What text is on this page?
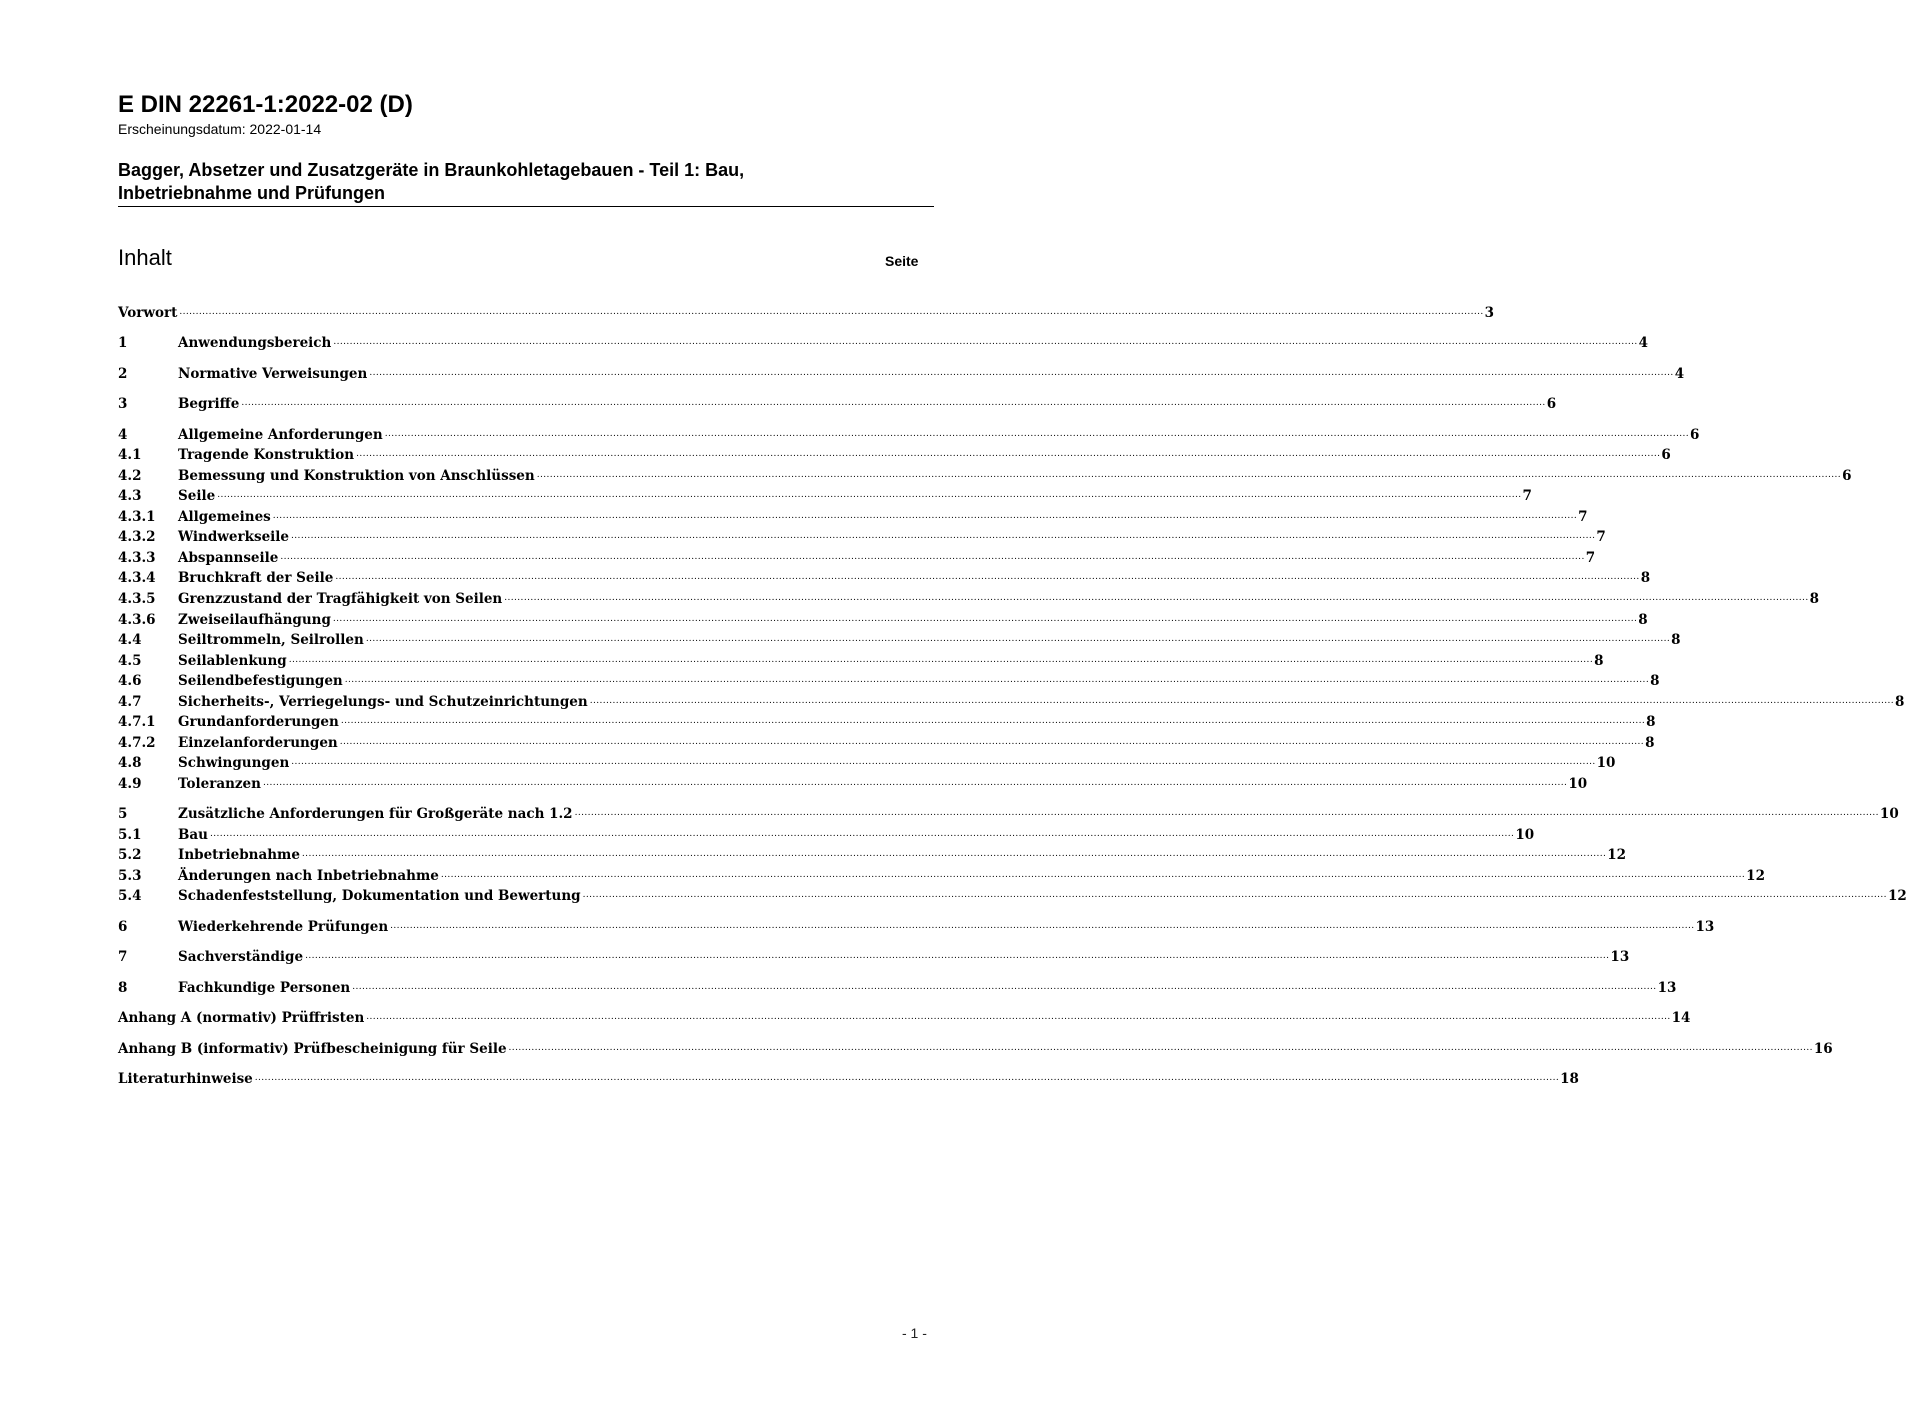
E DIN 22261-1:2022-02 (D)
Erscheinungsdatum: 2022-01-14
Bagger, Absetzer und Zusatzgeräte in Braunkohletagebauen - Teil 1: Bau,
Inbetriebnahme und Prüfungen
Inhalt	Seite
Vorwort ................................................................................................................................................................................................................................................................................................................................................................................................................ 3
1	Anwendungsbereich ................................................................................................................................................................................................................................................................................................................................................................................................................ 4
2	Normative Verweisungen ................................................................................................................................................................................................................................................................................................................................................................................................................ 4
3	Begriffe ................................................................................................................................................................................................................................................................................................................................................................................................................ 6
4	Allgemeine Anforderungen ................................................................................................................................................................................................................................................................................................................................................................................................................ 6
4.1	Tragende Konstruktion ................................................................................................................................................................................................................................................................................................................................................................................................................ 6
4.2	Bemessung und Konstruktion von Anschlüssen ................................................................................................................................................................................................................................................................................................................................................................................................................ 6
4.3	Seile ................................................................................................................................................................................................................................................................................................................................................................................................................ 7
4.3.1	Allgemeines ................................................................................................................................................................................................................................................................................................................................................................................................................ 7
4.3.2	Windwerkseile ................................................................................................................................................................................................................................................................................................................................................................................................................ 7
4.3.3	Abspannseile ................................................................................................................................................................................................................................................................................................................................................................................................................ 7
4.3.4	Bruchkraft der Seile ................................................................................................................................................................................................................................................................................................................................................................................................................ 8
4.3.5	Grenzzustand der Tragfähigkeit von Seilen ................................................................................................................................................................................................................................................................................................................................................................................................................ 8
4.3.6	Zweiseilaufhängung ................................................................................................................................................................................................................................................................................................................................................................................................................ 8
4.4	Seiltrommeln, Seilrollen ................................................................................................................................................................................................................................................................................................................................................................................................................ 8
4.5	Seilablenkung ................................................................................................................................................................................................................................................................................................................................................................................................................ 8
4.6	Seilendbefestigungen ................................................................................................................................................................................................................................................................................................................................................................................................................ 8
4.7	Sicherheits-, Verriegelungs- und Schutzeinrichtungen ................................................................................................................................................................................................................................................................................................................................................................................................................ 8
4.7.1	Grundanforderungen ................................................................................................................................................................................................................................................................................................................................................................................................................ 8
4.7.2	Einzelanforderungen ................................................................................................................................................................................................................................................................................................................................................................................................................ 8
4.8	Schwingungen ................................................................................................................................................................................................................................................................................................................................................................................................................ 10
4.9	Toleranzen ................................................................................................................................................................................................................................................................................................................................................................................................................ 10
5	Zusätzliche Anforderungen für Großgeräte nach 1.2 ................................................................................................................................................................................................................................................................................................................................................................................................................ 10
5.1	Bau ................................................................................................................................................................................................................................................................................................................................................................................................................ 10
5.2	Inbetriebnahme ................................................................................................................................................................................................................................................................................................................................................................................................................ 12
5.3	Änderungen nach Inbetriebnahme ................................................................................................................................................................................................................................................................................................................................................................................................................ 12
5.4	Schadenfeststellung, Dokumentation und Bewertung ................................................................................................................................................................................................................................................................................................................................................................................................................ 12
6	Wiederkehrende Prüfungen ................................................................................................................................................................................................................................................................................................................................................................................................................ 13
7	Sachverständige ................................................................................................................................................................................................................................................................................................................................................................................................................ 13
8	Fachkundige Personen ................................................................................................................................................................................................................................................................................................................................................................................................................ 13
Anhang A (normativ) Prüffristen ................................................................................................................................................................................................................................................................................................................................................................................................................ 14
Anhang B (informativ) Prüfbescheinigung für Seile ................................................................................................................................................................................................................................................................................................................................................................................................................ 16
Literaturhinweise ................................................................................................................................................................................................................................................................................................................................................................................................................ 18
- 1 -
